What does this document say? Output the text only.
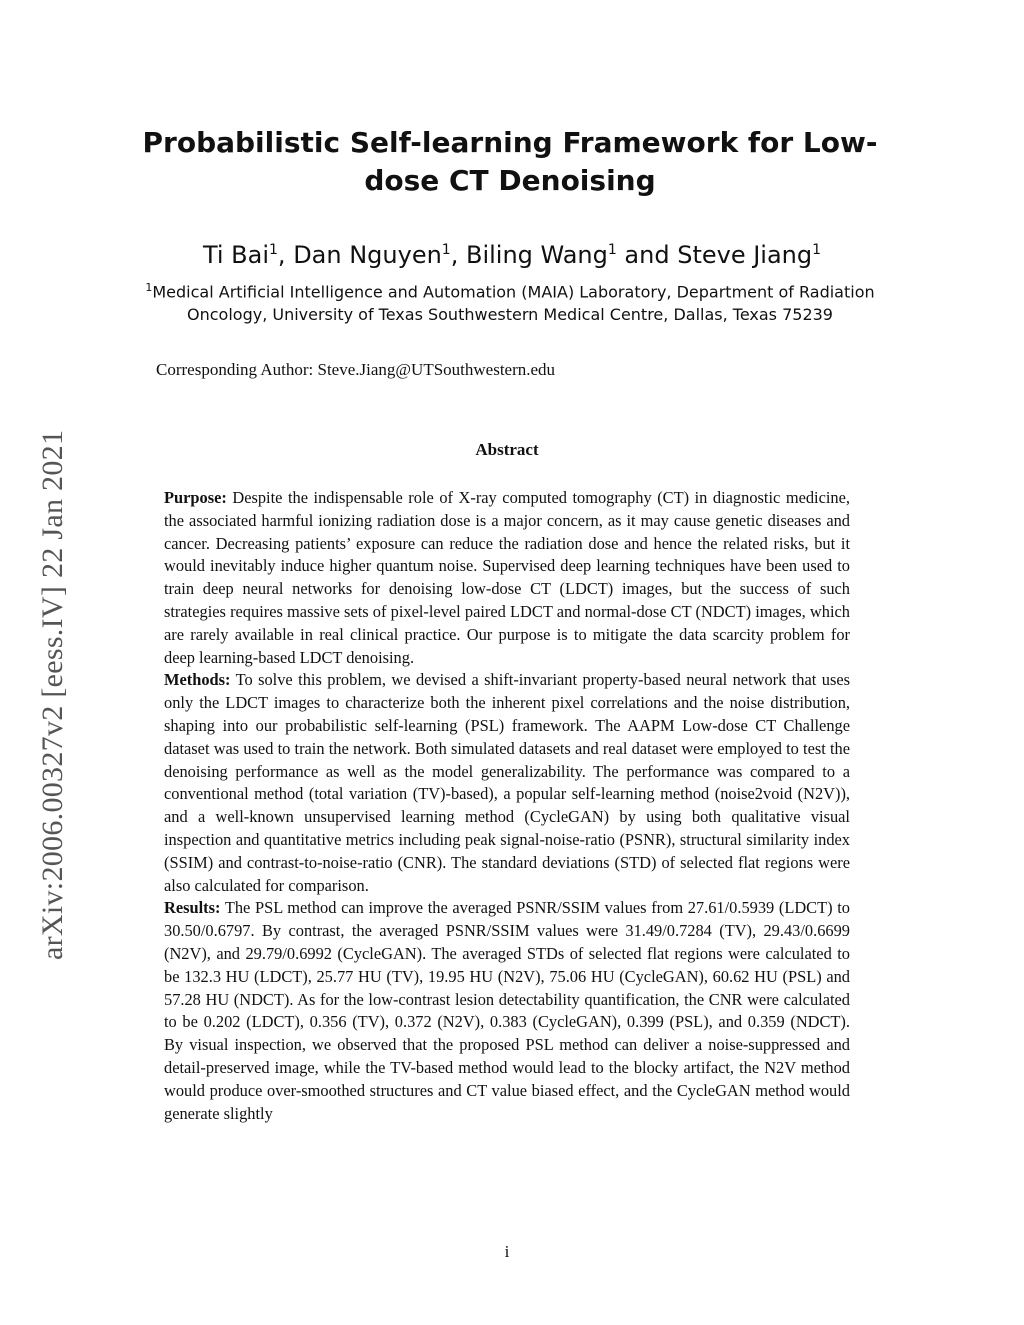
arXiv:2006.00327v2 [eess.IV] 22 Jan 2021
Probabilistic Self-learning Framework for Low-dose CT Denoising
Ti Bai$^1$, Dan Nguyen$^1$, Biling Wang$^1$ and Steve Jiang$^1$
$^1$Medical Artificial Intelligence and Automation (MAIA) Laboratory, Department of Radiation Oncology, University of Texas Southwestern Medical Centre, Dallas, Texas 75239

Corresponding Author: Steve.Jiang@UTSouthwestern.edu

Abstract

Purpose: Despite the indispensable role of X-ray computed tomography (CT) in diagnostic medicine, the associated harmful ionizing radiation dose is a major concern, as it may cause genetic diseases and cancer. Decreasing patients’ exposure can reduce the radiation dose and hence the related risks, but it would inevitably induce higher quantum noise. Supervised deep learning techniques have been used to train deep neural networks for denoising low-dose CT (LDCT) images, but the success of such strategies requires massive sets of pixel-level paired LDCT and normal-dose CT (NDCT) images, which are rarely available in real clinical practice. Our purpose is to mitigate the data scarcity problem for deep learning-based LDCT denoising.

Methods: To solve this problem, we devised a shift-invariant property-based neural network that uses only the LDCT images to characterize both the inherent pixel correlations and the noise distribution, shaping into our probabilistic self-learning (PSL) framework. The AAPM Low-dose CT Challenge dataset was used to train the network. Both simulated datasets and real dataset were employed to test the denoising performance as well as the model generalizability. The performance was compared to a conventional method (total variation (TV)-based), a popular self-learning method (noise2void (N2V)), and a well-known unsupervised learning method (CycleGAN) by using both qualitative visual inspection and quantitative metrics including peak signal-noise-ratio (PSNR), structural similarity index (SSIM) and contrast-to-noise-ratio (CNR). The standard deviations (STD) of selected flat regions were also calculated for comparison.

Results: The PSL method can improve the averaged PSNR/SSIM values from 27.61/0.5939 (LDCT) to 30.50/0.6797. By contrast, the averaged PSNR/SSIM values were 31.49/0.7284 (TV), 29.43/0.6699 (N2V), and 29.79/0.6992 (CycleGAN). The averaged STDs of selected flat regions were calculated to be 132.3 HU (LDCT), 25.77 HU (TV), 19.95 HU (N2V), 75.06 HU (CycleGAN), 60.62 HU (PSL) and 57.28 HU (NDCT). As for the low-contrast lesion detectability quantification, the CNR were calculated to be 0.202 (LDCT), 0.356 (TV), 0.372 (N2V), 0.383 (CycleGAN), 0.399 (PSL), and 0.359 (NDCT). By visual inspection, we observed that the proposed PSL method can deliver a noise-suppressed and detail-preserved image, while the TV-based method would lead to the blocky artifact, the N2V method would produce over-smoothed structures and CT value biased effect, and the CycleGAN method would generate slightly

i
